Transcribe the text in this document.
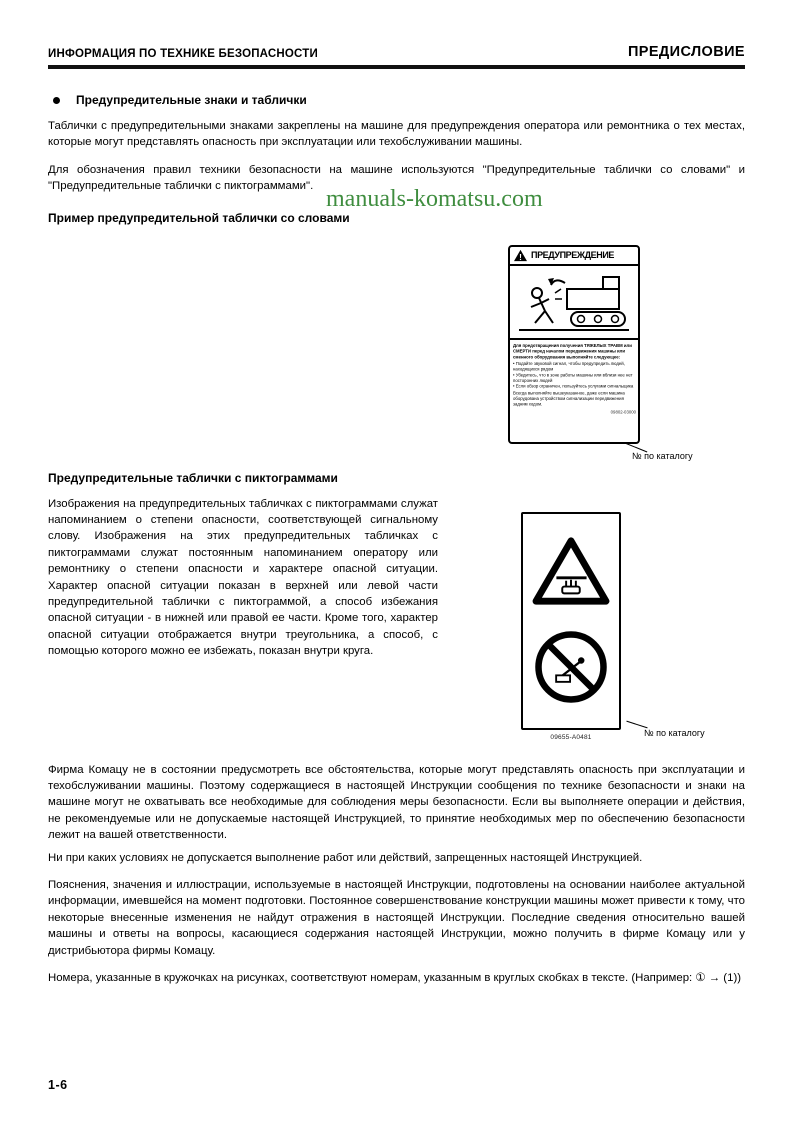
ИНФОРМАЦИЯ ПО ТЕХНИКЕ БЕЗОПАСНОСТИ	ПРЕДИСЛОВИЕ
Предупредительные знаки и таблички

Таблички с предупредительными знаками закреплены на машине для предупреждения оператора или ремонтника о тех местах, которые могут представлять опасность при эксплуатации или техобслуживании машины.

Для обозначения правил техники безопасности на машине используются "Предупредительные таблички со словами" и "Предупредительные таблички с пиктограммами". manuals-komatsu.com
Пример предупредительной таблички со словами
! ПРЕДУПРЕЖДЕНИЕ
Для предотвращения получения ТЯЖЕЛЫХ ТРАВМ или СМЕРТИ перед началом передвижения машины или сменного оборудования выполняйте следующее:
• Подайте звуковой сигнал, чтобы предупредить людей, находящихся рядом
• Убедитесь, что в зоне работы машины или вблизи нее нет посторонних людей
• Если обзор ограничен, пользуйтесь услугами сигнальщика
Всегда выполняйте вышеуказанное, даже если машина оборудована устройством сигнализации передвижения задним ходом.
09802-03000
№ по каталогу
Предупредительные таблички с пиктограммами

Изображения на предупредительных табличках с пиктограммами служат напоминанием о степени опасности, соответствующей сигнальному слову. Изображения на этих предупредительных табличках с пиктограммами служат постоянным напоминанием оператору или ремонтнику о степени опасности и характере опасной ситуации. Характер опасной ситуации показан в верхней или левой части предупредительной таблички с пиктограммой, а способ избежания опасной ситуации - в нижней или правой ее части. Кроме того, характер опасной ситуации отображается внутри треугольника, а способ, с помощью которого можно ее избежать, показан внутри круга.

09655-A0481	№ по каталогу

Фирма Комацу не в состоянии предусмотреть все обстоятельства, которые могут представлять опасность при эксплуатации и техобслуживании машины. Поэтому содержащиеся в настоящей Инструкции сообщения по технике безопасности и знаки на машине могут не охватывать все необходимые для соблюдения меры безопасности. Если вы выполняете операции и действия, не рекомендуемые или не допускаемые настоящей Инструкцией, то принятие необходимых мер по обеспечению безопасности лежит на вашей ответственности.

Ни при каких условиях не допускается выполнение работ или действий, запрещенных настоящей Инструкцией.

Пояснения, значения и иллюстрации, используемые в настоящей Инструкции, подготовлены на основании наиболее актуальной информации, имевшейся на момент подготовки. Постоянное совершенствование конструкции машины может привести к тому, что некоторые внесенные изменения не найдут отражения в настоящей Инструкции. Последние сведения относительно вашей машины и ответы на вопросы, касающиеся содержания настоящей Инструкции, можно получить в фирме Комацу или у дистрибьютора фирмы Комацу.

Номера, указанные в кружочках на рисунках, соответствуют номерам, указанным в круглых скобках в тексте. (Например: ① → (1))

1-6
